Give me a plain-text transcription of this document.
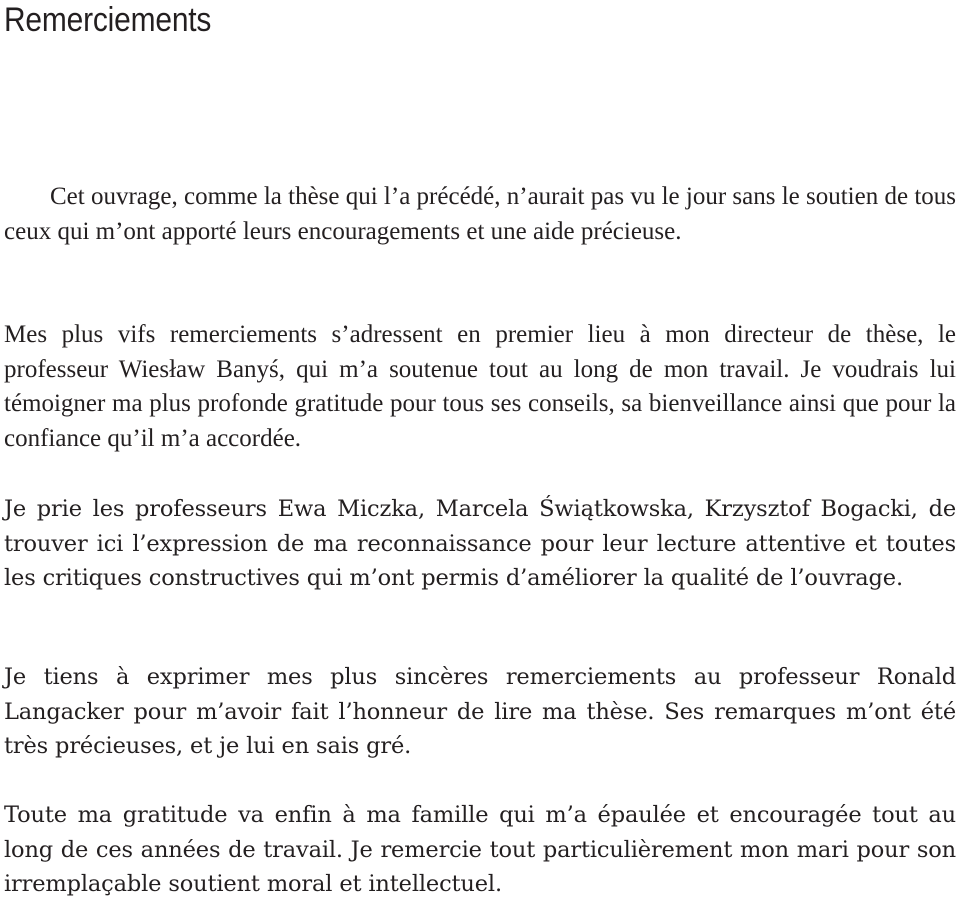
Remerciements

Cet ouvrage, comme la thèse qui l’a précédé, n’aurait pas vu le jour sans le soutien de tous ceux qui m’ont apporté leurs encouragements et une aide précieuse.

Mes plus vifs remerciements s’adressent en premier lieu à mon directeur de thèse, le professeur Wiesław Banyś, qui m’a soutenue tout au long de mon travail. Je voudrais lui témoigner ma plus profonde gratitude pour tous ses conseils, sa bienveillance ainsi que pour la confiance qu’il m’a accordée.

Je prie les professeurs Ewa Miczka, Marcela Świątkowska, Krzysztof Bogacki, de trouver ici l’expression de ma reconnaissance pour leur lecture attentive et toutes les critiques constructives qui m’ont permis d’améliorer la qualité de l’ouvrage.

Je tiens à exprimer mes plus sincères remerciements au professeur Ronald Langacker pour m’avoir fait l’honneur de lire ma thèse. Ses remarques m’ont été très précieuses, et je lui en sais gré.

Toute ma gratitude va enfin à ma famille qui m’a épaulée et encouragée tout au long de ces années de travail. Je remercie tout particulièrement mon mari pour son irremplaçable soutient moral et intellectuel.
